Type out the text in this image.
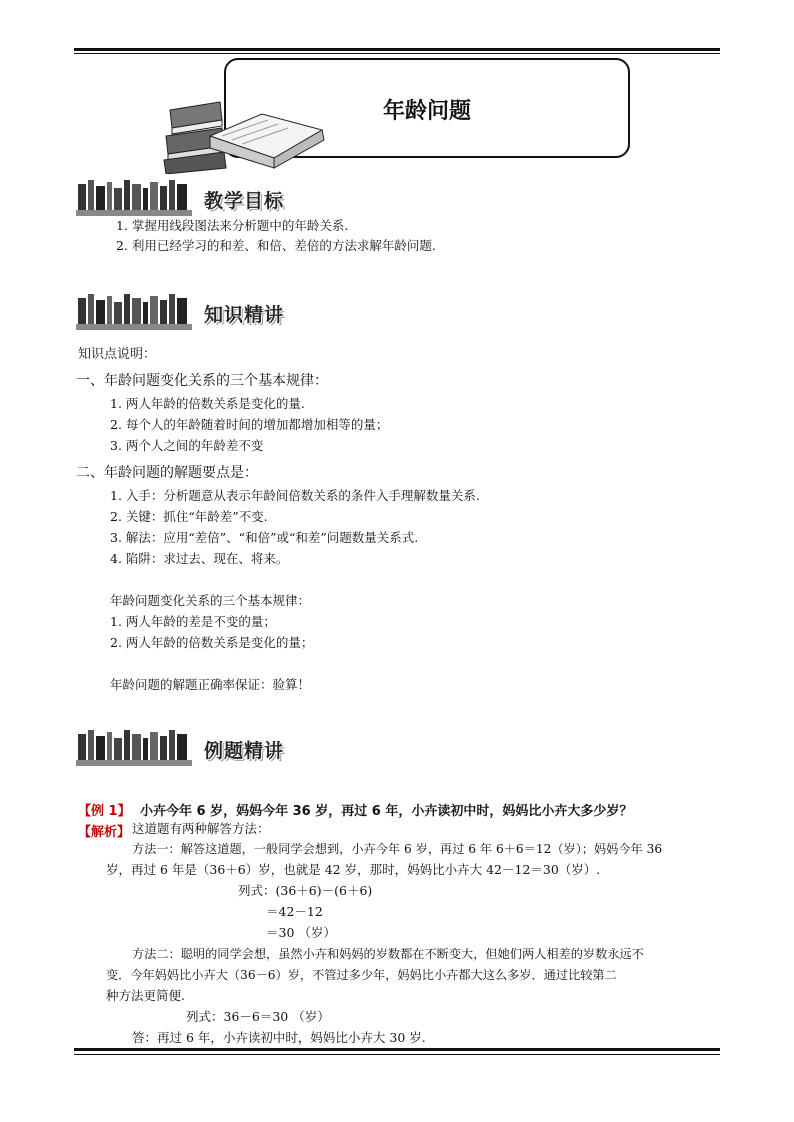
年龄问题
教学目标
1. 掌握用线段图法来分析题中的年龄关系.
2. 利用已经学习的和差、和倍、差倍的方法求解年龄问题.
知识精讲
知识点说明：
一、年龄问题变化关系的三个基本规律：
1. 两人年龄的倍数关系是变化的量.
2. 每个人的年龄随着时间的增加都增加相等的量；
3. 两个人之间的年龄差不变
二、年龄问题的解题要点是：
1. 入手：分析题意从表示年龄间倍数关系的条件入手理解数量关系.
2. 关键：抓住“年龄差”不变.
3. 解法：应用“差倍”、“和倍”或“和差”问题数量关系式.
4. 陷阱：求过去、现在、将来。
年龄问题变化关系的三个基本规律：
1. 两人年龄的差是不变的量；
2. 两人年龄的倍数关系是变化的量；
年龄问题的解题正确率保证：验算！
例题精讲
【例 1】 小卉今年 6 岁，妈妈今年 36 岁，再过 6 年，小卉读初中时，妈妈比小卉大多少岁？
【解析】 这道题有两种解答方法：
方法一：解答这道题，一般同学会想到，小卉今年 6 岁，再过 6 年 6＋6＝12（岁）；妈妈今年 36
岁，再过 6 年是（36＋6）岁，也就是 42 岁，那时，妈妈比小卉大 42－12＝30（岁）.
列式：(36＋6)－(6＋6)
＝42－12
＝30 （岁）
方法二：聪明的同学会想，虽然小卉和妈妈的岁数都在不断变大，但她们两人相差的岁数永远不
变．今年妈妈比小卉大（36－6）岁，不管过多少年，妈妈比小卉都大这么多岁．通过比较第二
种方法更简便.
列式：36－6＝30 （岁）
答：再过 6 年，小卉读初中时，妈妈比小卉大 30 岁.
